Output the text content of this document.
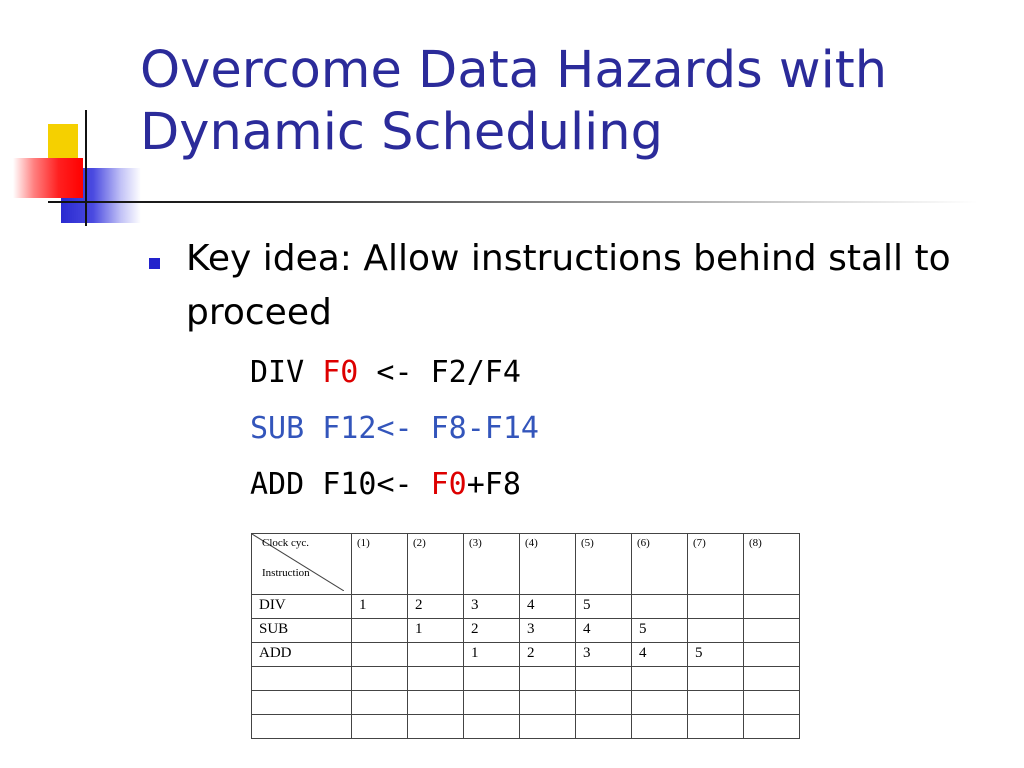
Overcome Data Hazards with Dynamic Scheduling
Key idea: Allow instructions behind stall to proceed
DIV F0 <- F2/F4
SUB F12<- F8-F14
ADD F10<- F0+F8
Clock cyc.
Instruction	(1)	(2)	(3)	(4)	(5)	(6)	(7)	(8)
DIV	1	2	3	4	5			
SUB		1	2	3	4	5		
ADD			1	2	3	4	5	
